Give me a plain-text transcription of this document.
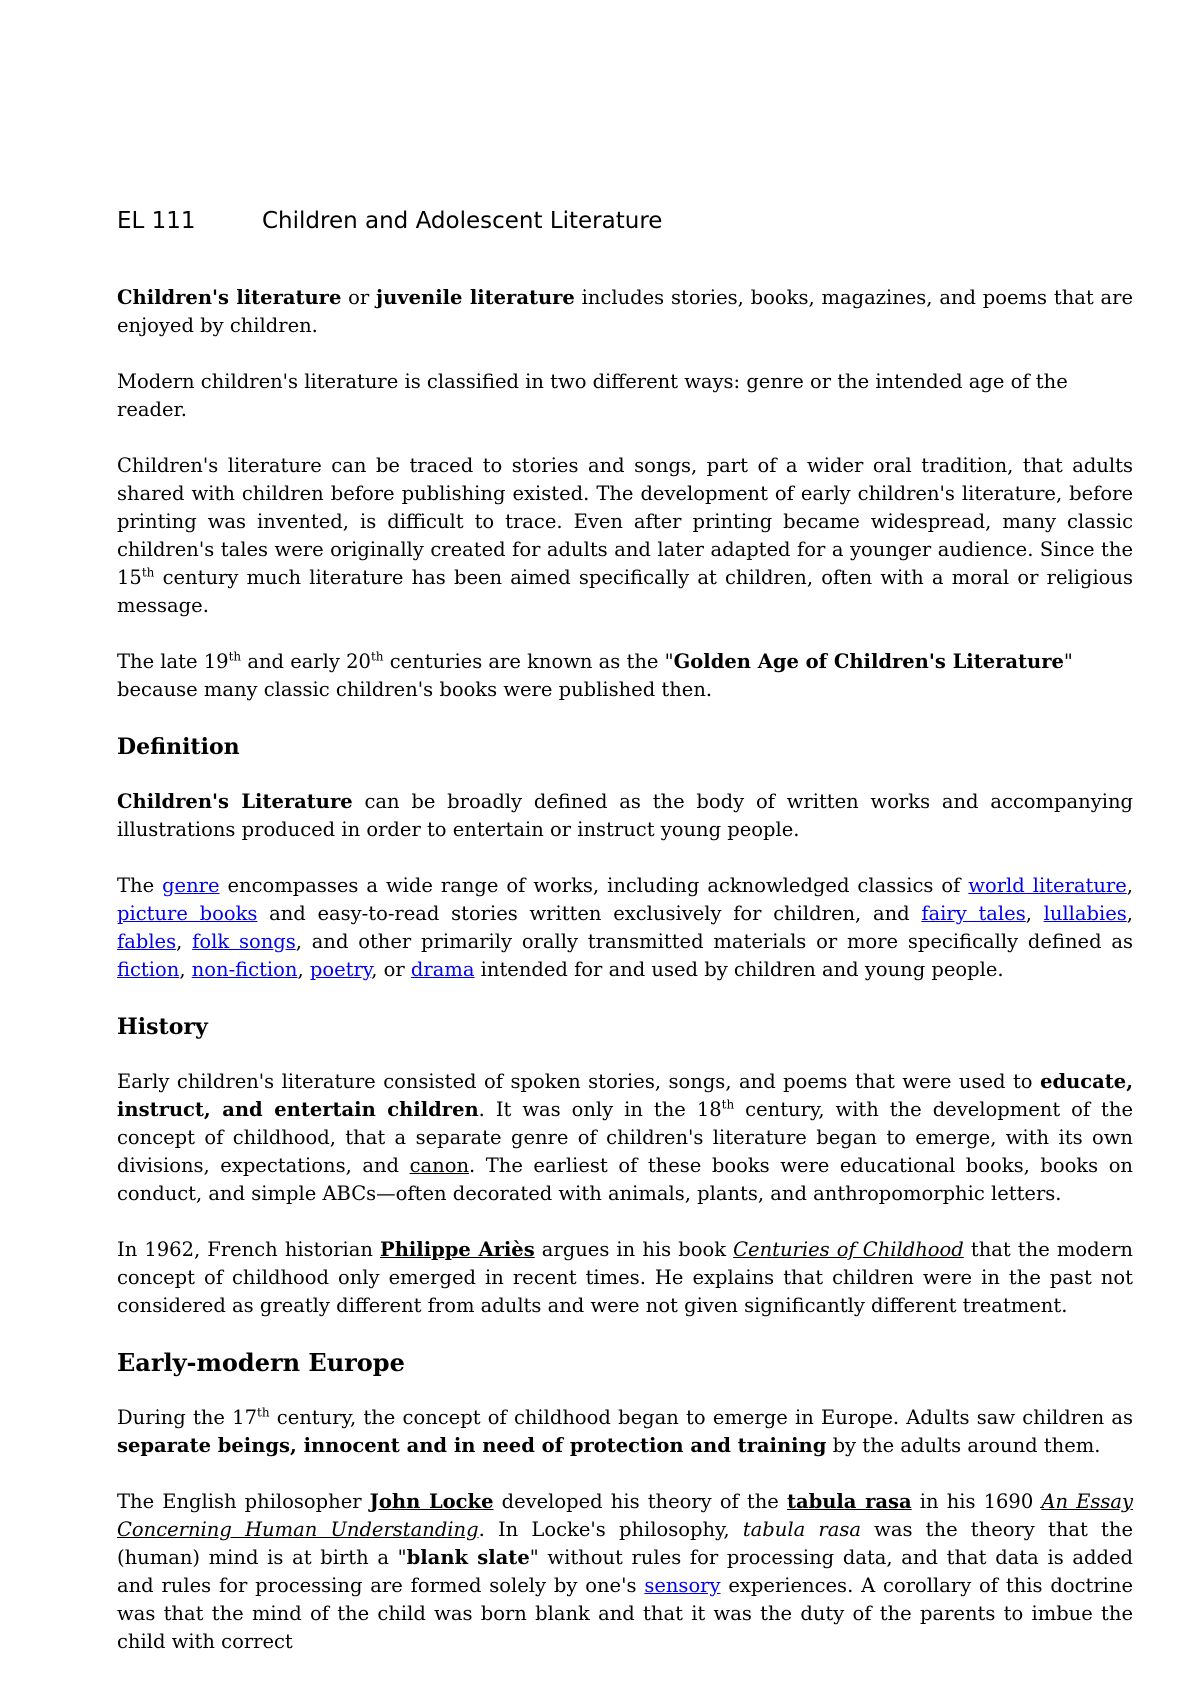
EL 111	Children and Adolescent Literature

Children's literature or juvenile literature includes stories, books, magazines, and poems that are enjoyed by children.

Modern children's literature is classified in two different ways: genre or the intended age of the reader.

Children's literature can be traced to stories and songs, part of a wider oral tradition, that adults shared with children before publishing existed. The development of early children's literature, before printing was invented, is difficult to trace. Even after printing became widespread, many classic children's tales were originally created for adults and later adapted for a younger audience. Since the 15th century much literature has been aimed specifically at children, often with a moral or religious message.

The late 19th and early 20th centuries are known as the "Golden Age of Children's Literature" because many classic children's books were published then.

Definition

Children's Literature can be broadly defined as the body of written works and accompanying illustrations produced in order to entertain or instruct young people.

The genre encompasses a wide range of works, including acknowledged classics of world literature, picture books and easy-to-read stories written exclusively for children, and fairy tales, lullabies, fables, folk songs, and other primarily orally transmitted materials or more specifically defined as fiction, non-fiction, poetry, or drama intended for and used by children and young people.

History

Early children's literature consisted of spoken stories, songs, and poems that were used to educate, instruct, and entertain children. It was only in the 18th century, with the development of the concept of childhood, that a separate genre of children's literature began to emerge, with its own divisions, expectations, and canon. The earliest of these books were educational books, books on conduct, and simple ABCs—often decorated with animals, plants, and anthropomorphic letters.

In 1962, French historian Philippe Ariès argues in his book Centuries of Childhood that the modern concept of childhood only emerged in recent times. He explains that children were in the past not considered as greatly different from adults and were not given significantly different treatment.

Early-modern Europe

During the 17th century, the concept of childhood began to emerge in Europe. Adults saw children as separate beings, innocent and in need of protection and training by the adults around them.

The English philosopher John Locke developed his theory of the tabula rasa in his 1690 An Essay Concerning Human Understanding. In Locke's philosophy, tabula rasa was the theory that the (human) mind is at birth a "blank slate" without rules for processing data, and that data is added and rules for processing are formed solely by one's sensory experiences. A corollary of this doctrine was that the mind of the child was born blank and that it was the duty of the parents to imbue the child with correct
